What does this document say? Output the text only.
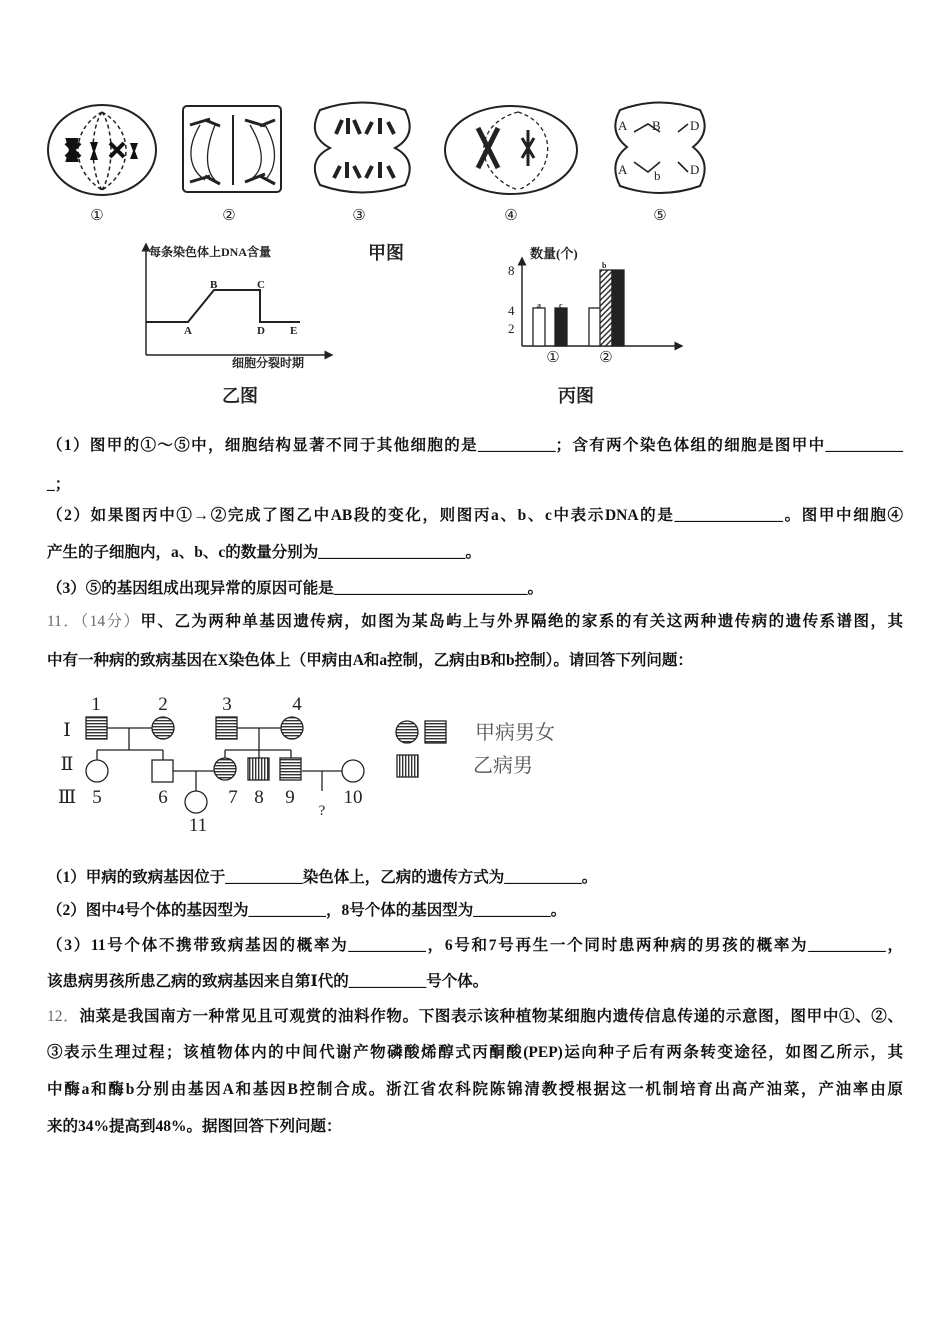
A B D
A b D
①	②	③	④	⑤
甲图
每条染色体上DNA含量
细胞分裂时期
A
B	C
D E
乙图
数量(个)
8
4
2
①	②
a c
b
丙图
Ⅰ
Ⅱ
Ⅲ
1	2	3	4
5	6	7 8 9	10
11
?
甲病男女
乙病男
（1）图甲的①～⑤中，细胞结构显著不同于其他细胞的是__________；含有两个染色体组的细胞是图甲中__________
_；
（2）如果图丙中①→②完成了图乙中AB段的变化，则图丙a、b、c中表示DNA的是______________。图甲中细胞④
产生的子细胞内，a、b、c的数量分别为___________________。
（3）⑤的基因组成出现异常的原因可能是_________________________。
11．（14分）甲、乙为两种单基因遗传病，如图为某岛屿上与外界隔绝的家系的有关这两种遗传病的遗传系谱图，其
中有一种病的致病基因在X染色体上（甲病由A和a控制，乙病由B和b控制）。请回答下列问题：
（1）甲病的致病基因位于__________染色体上，乙病的遗传方式为__________。
（2）图中4号个体的基因型为__________，8号个体的基因型为__________。
（3）11号个体不携带致病基因的概率为__________，6号和7号再生一个同时患两种病的男孩的概率为__________，
该患病男孩所患乙病的致病基因来自第Ⅰ代的__________号个体。
12．油菜是我国南方一种常见且可观赏的油料作物。下图表示该种植物某细胞内遗传信息传递的示意图，图甲中①、②、
③表示生理过程；该植物体内的中间代谢产物磷酸烯醇式丙酮酸(PEP)运向种子后有两条转变途径，如图乙所示，其
中酶a和酶b分别由基因A和基因B控制合成。浙江省农科院陈锦清教授根据这一机制培育出高产油菜，产油率由原
来的34%提高到48%。据图回答下列问题：
